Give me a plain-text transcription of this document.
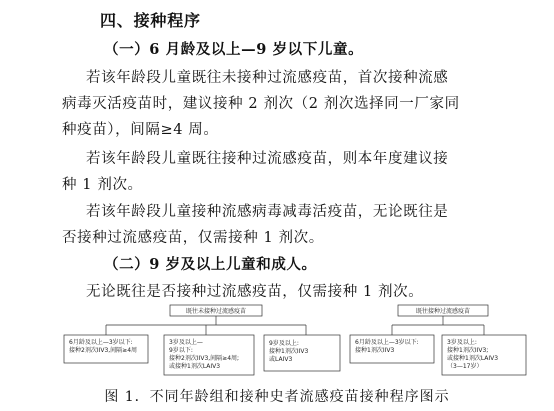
四、接种程序
（一）6 月龄及以上—9 岁以下儿童。
若该年龄段儿童既往未接种过流感疫苗，首次接种流感
病毒灭活疫苗时，建议接种 2 剂次（2 剂次选择同一厂家同
种疫苗），间隔≥4 周。
若该年龄段儿童既往接种过流感疫苗，则本年度建议接
种 1 剂次。
若该年龄段儿童接种流感病毒减毒活疫苗，无论既往是
否接种过流感疫苗，仅需接种 1 剂次。
（二）9 岁及以上儿童和成人。
无论既往是否接种过流感疫苗，仅需接种 1 剂次。
既往未接种过流感疫苗
6月龄及以上—3岁以下:
接种2剂次IIV3,间隔≥4周
3岁及以上—
9岁以下:
接种2剂次IIV3,间隔≥4周;
或接种1剂次LAIV3
9岁及以上:
接种1剂次IIV3
或LAIV3
既往接种过流感疫苗
6月龄及以上—3岁以下:
接种1剂次IIV3
3岁及以上:
接种1剂次IIV3;
或接种1剂次LAIV3
（3—17岁）
图 1．不同年龄组和接种史者流感疫苗接种程序图示
